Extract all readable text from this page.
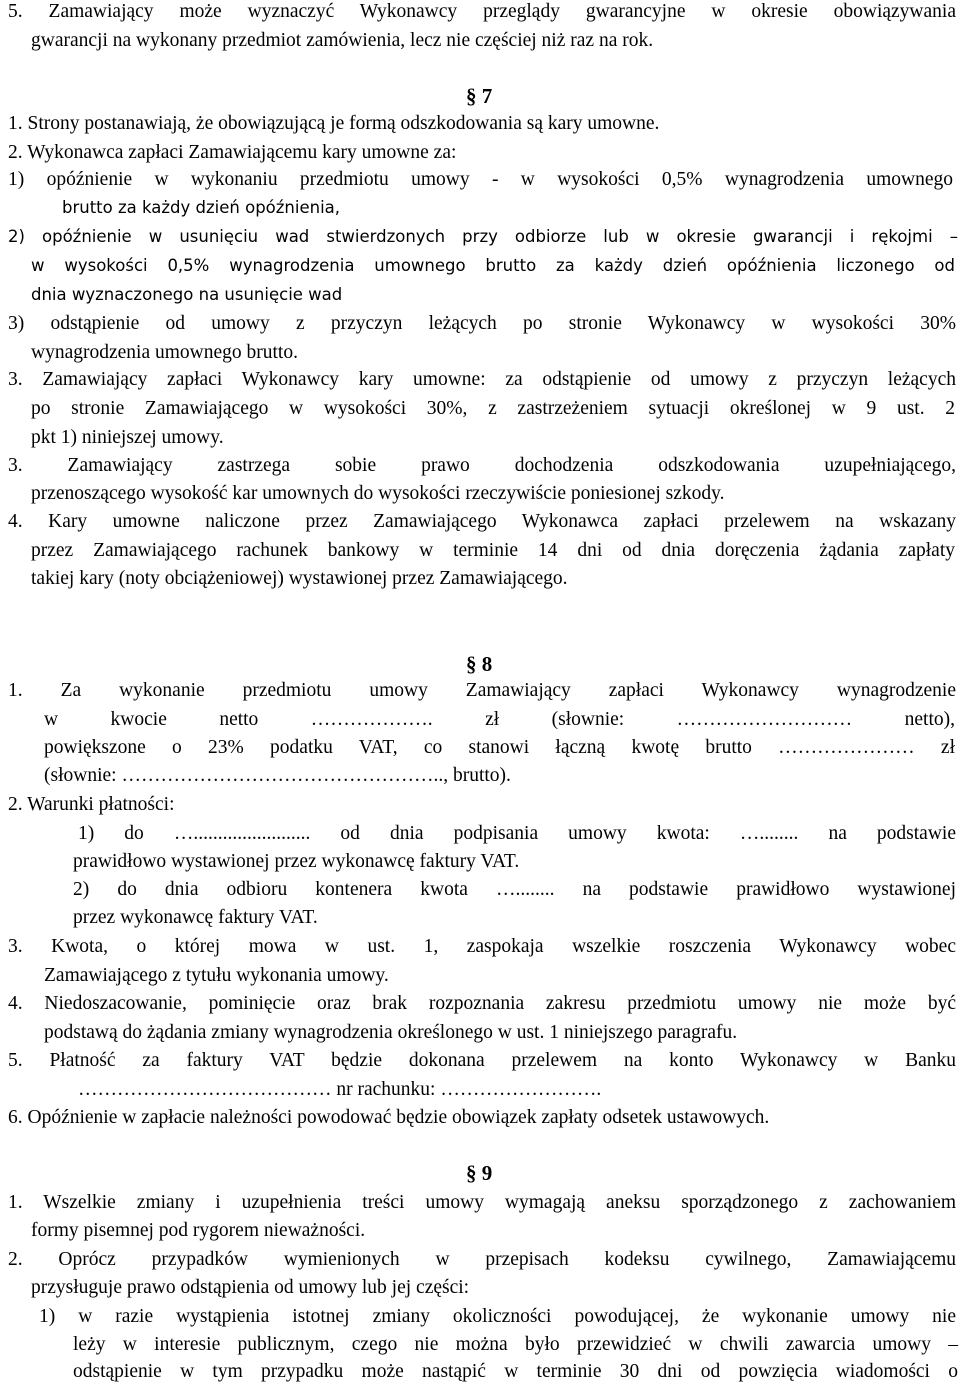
5. Zamawiający może wyznaczyć Wykonawcy przeglądy gwarancyjne w okresie obowiązywania
gwarancji na wykonany przedmiot zamówienia, lecz nie częściej niż raz na rok.
§ 7
1. Strony postanawiają, że obowiązującą je formą odszkodowania są kary umowne.
2. Wykonawca zapłaci Zamawiającemu kary umowne za:
1) opóźnienie w wykonaniu przedmiotu umowy - w wysokości 0,5% wynagrodzenia umownego
brutto za każdy dzień opóźnienia,
2) opóźnienie w usunięciu wad stwierdzonych przy odbiorze lub w okresie gwarancji i rękojmi –
w wysokości 0,5% wynagrodzenia umownego brutto za każdy dzień opóźnienia liczonego od
dnia wyznaczonego na usunięcie wad
3) odstąpienie od umowy z przyczyn leżących po stronie Wykonawcy w wysokości 30%
wynagrodzenia umownego brutto.
3. Zamawiający zapłaci Wykonawcy kary umowne: za odstąpienie od umowy z przyczyn leżących
po stronie Zamawiającego w wysokości 30%, z zastrzeżeniem sytuacji określonej w 9 ust. 2
pkt 1) niniejszej umowy.
3. Zamawiający zastrzega sobie prawo dochodzenia odszkodowania uzupełniającego,
przenoszącego wysokość kar umownych do wysokości rzeczywiście poniesionej szkody.
4. Kary umowne naliczone przez Zamawiającego Wykonawca zapłaci przelewem na wskazany
przez Zamawiającego rachunek bankowy w terminie 14 dni od dnia doręczenia żądania zapłaty
takiej kary (noty obciążeniowej) wystawionej przez Zamawiającego.
§ 8
1. Za wykonanie przedmiotu umowy Zamawiający zapłaci Wykonawcy wynagrodzenie
w kwocie netto ………………. zł (słownie: ……………………… netto),
powiększone o 23% podatku VAT, co stanowi łączną kwotę brutto ………………… zł
(słownie: ………………………………………….., brutto).
2. Warunki płatności:
1) do …........................ od dnia podpisania umowy kwota: …........ na podstawie
prawidłowo wystawionej przez wykonawcę faktury VAT.
2) do dnia odbioru kontenera kwota …........ na podstawie prawidłowo wystawionej
przez wykonawcę faktury VAT.
3. Kwota, o której mowa w ust. 1, zaspokaja wszelkie roszczenia Wykonawcy wobec
Zamawiającego z tytułu wykonania umowy.
4. Niedoszacowanie, pominięcie oraz brak rozpoznania zakresu przedmiotu umowy nie może być
podstawą do żądania zmiany wynagrodzenia określonego w ust. 1 niniejszego paragrafu.
5. Płatność za faktury VAT będzie dokonana przelewem na konto Wykonawcy w Banku
………………………………… nr rachunku: …………………….
6. Opóźnienie w zapłacie należności powodować będzie obowiązek zapłaty odsetek ustawowych.
§ 9
1. Wszelkie zmiany i uzupełnienia treści umowy wymagają aneksu sporządzonego z zachowaniem
formy pisemnej pod rygorem nieważności.
2. Oprócz przypadków wymienionych w przepisach kodeksu cywilnego, Zamawiającemu
przysługuje prawo odstąpienia od umowy lub jej części:
1) w razie wystąpienia istotnej zmiany okoliczności powodującej, że wykonanie umowy nie
leży w interesie publicznym, czego nie można było przewidzieć w chwili zawarcia umowy –
odstąpienie w tym przypadku może nastąpić w terminie 30 dni od powzięcia wiadomości o
